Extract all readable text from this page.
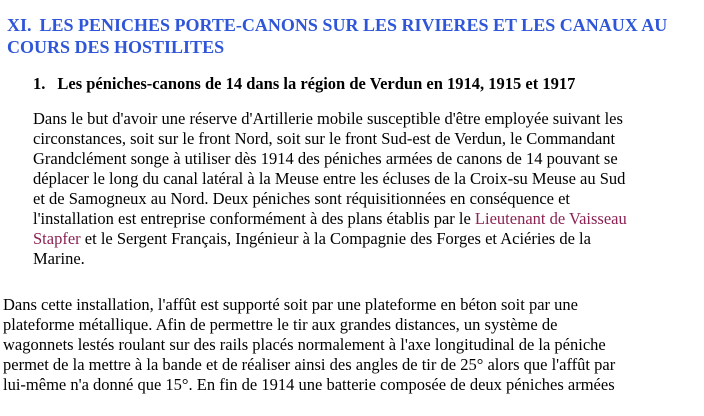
XI. LES PENICHES PORTE-CANONS SUR LES RIVIERES ET LES CANAUX AU
COURS DES HOSTILITES
1. Les péniches-canons de 14 dans la région de Verdun en 1914, 1915 et 1917

Dans le but d'avoir une réserve d'Artillerie mobile susceptible d'être employée suivant les
circonstances, soit sur le front Nord, soit sur le front Sud-est de Verdun, le Commandant
Grandclément songe à utiliser dès 1914 des péniches armées de canons de 14 pouvant se
déplacer le long du canal latéral à la Meuse entre les écluses de la Croix-su Meuse au Sud
et de Samogneux au Nord. Deux péniches sont réquisitionnées en conséquence et
l'installation est entreprise conformément à des plans établis par le Lieutenant de Vaisseau
Stapfer et le Sergent Français, Ingénieur à la Compagnie des Forges et Aciéries de la
Marine.

Dans cette installation, l'affût est supporté soit par une plateforme en béton soit par une
plateforme métallique. Afin de permettre le tir aux grandes distances, un système de
wagonnets lestés roulant sur des rails placés normalement à l'axe longitudinal de la péniche
permet de la mettre à la bande et de réaliser ainsi des angles de tir de 25° alors que l'affût par
lui-même n'a donné que 15°. En fin de 1914 une batterie composée de deux péniches armées
